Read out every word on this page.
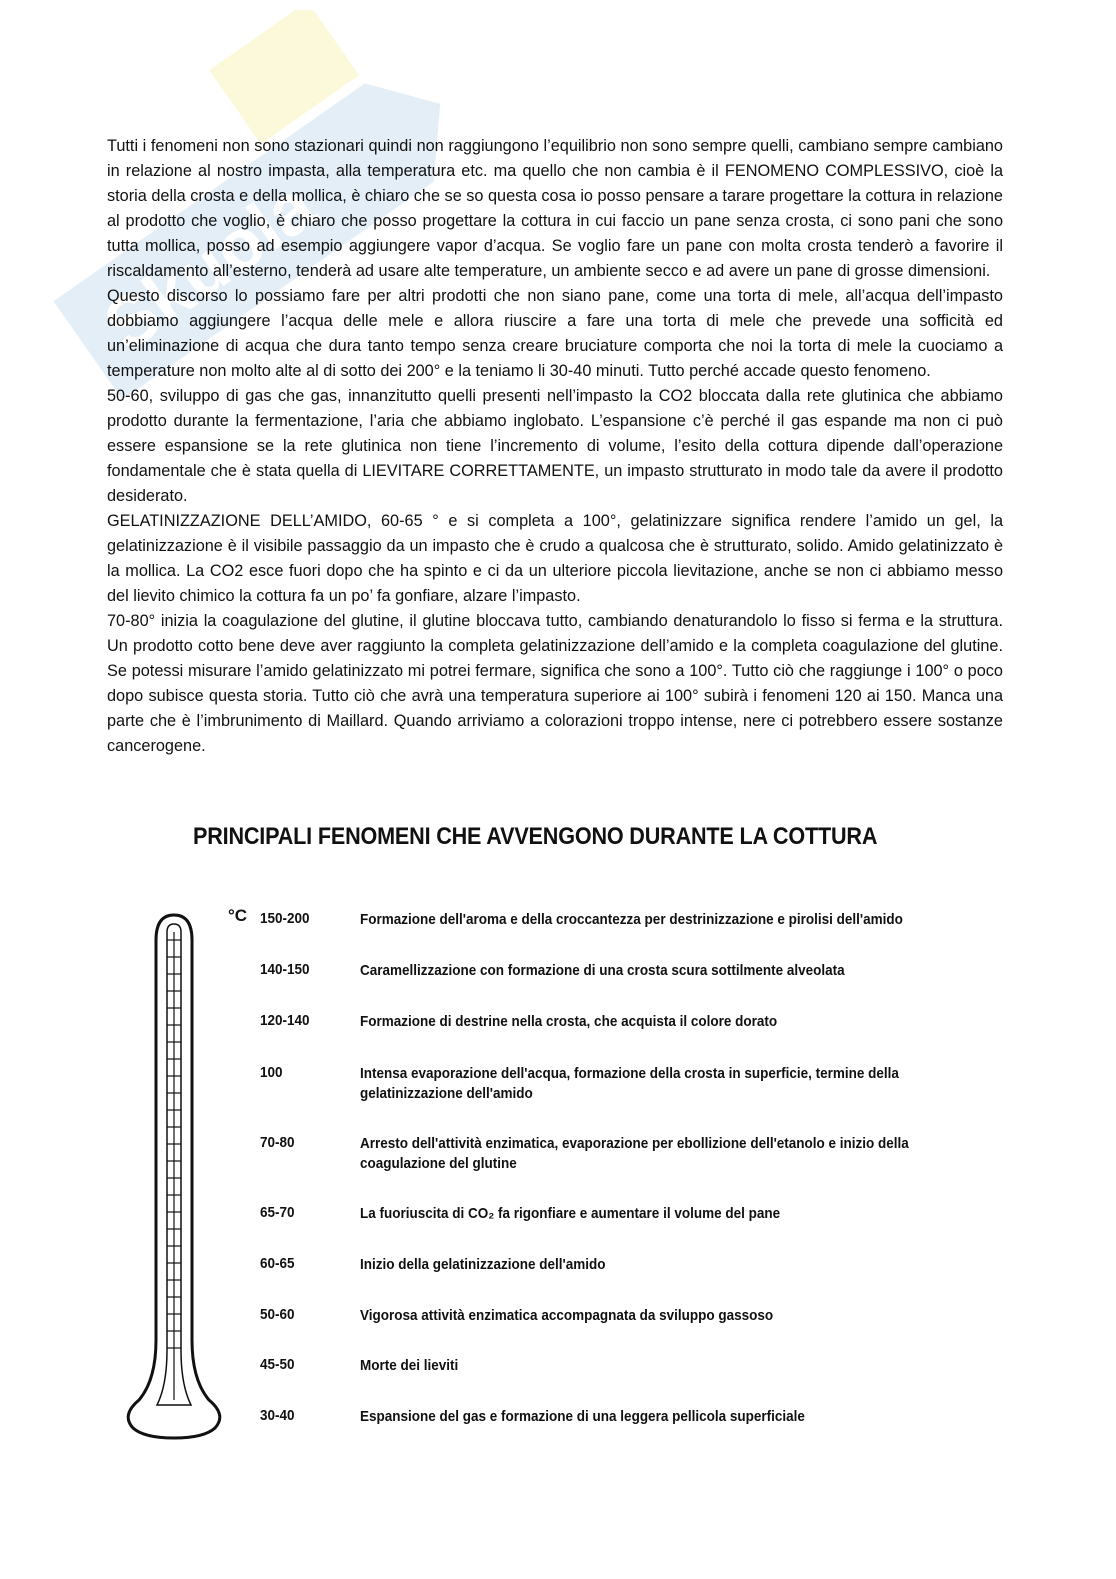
Skuola

Tutti i fenomeni non sono stazionari quindi non raggiungono l’equilibrio non sono sempre quelli, cambiano sempre cambiano in relazione al nostro impasta, alla temperatura etc. ma quello che non cambia è il FENOMENO COMPLESSIVO, cioè la storia della crosta e della mollica, è chiaro che se so questa cosa io posso pensare a tarare progettare la cottura in relazione al prodotto che voglio, è chiaro che posso progettare la cottura in cui faccio un pane senza crosta, ci sono pani che sono tutta mollica, posso ad esempio aggiungere vapor d’acqua. Se voglio fare un pane con molta crosta tenderò a favorire il riscaldamento all’esterno, tenderà ad usare alte temperature, un ambiente secco e ad avere un pane di grosse dimensioni.

Questo discorso lo possiamo fare per altri prodotti che non siano pane, come una torta di mele, all’acqua dell’impasto dobbiamo aggiungere l’acqua delle mele e allora riuscire a fare una torta di mele che prevede una sofficità ed un’eliminazione di acqua che dura tanto tempo senza creare bruciature comporta che noi la torta di mele la cuociamo a temperature non molto alte al di sotto dei 200° e la teniamo li 30-40 minuti. Tutto perché accade questo fenomeno.

50-60, sviluppo di gas che gas, innanzitutto quelli presenti nell’impasto la CO2 bloccata dalla rete glutinica che abbiamo prodotto durante la fermentazione, l’aria che abbiamo inglobato. L’espansione c’è perché il gas espande ma non ci può essere espansione se la rete glutinica non tiene l’incremento di volume, l’esito della cottura dipende dall’operazione fondamentale che è stata quella di LIEVITARE CORRETTAMENTE, un impasto strutturato in modo tale da avere il prodotto desiderato.

GELATINIZZAZIONE DELL’AMIDO, 60-65 ° e si completa a 100°, gelatinizzare significa rendere l’amido un gel, la gelatinizzazione è il visibile passaggio da un impasto che è crudo a qualcosa che è strutturato, solido. Amido gelatinizzato è la mollica. La CO2 esce fuori dopo che ha spinto e ci da un ulteriore piccola lievitazione, anche se non ci abbiamo messo del lievito chimico la cottura fa un po’ fa gonfiare, alzare l’impasto.

70-80° inizia la coagulazione del glutine, il glutine bloccava tutto, cambiando denaturandolo lo fisso si ferma e la struttura. Un prodotto cotto bene deve aver raggiunto la completa gelatinizzazione dell’amido e la completa coagulazione del glutine. Se potessi misurare l’amido gelatinizzato mi potrei fermare, significa che sono a 100°. Tutto ciò che raggiunge i 100° o poco dopo subisce questa storia. Tutto ciò che avrà una temperatura superiore ai 100° subirà i fenomeni 120 ai 150. Manca una parte che è l’imbrunimento di Maillard. Quando arriviamo a colorazioni troppo intense, nere ci potrebbero essere sostanze cancerogene.

PRINCIPALI FENOMENI CHE AVVENGONO DURANTE LA COTTURA
°C 150-200	Formazione dell'aroma e della croccantezza per destrinizzazione e pirolisi dell'amido
140-150	Caramellizzazione con formazione di una crosta scura sottilmente alveolata
120-140	Formazione di destrine nella crosta, che acquista il colore dorato
100	Intensa evaporazione dell'acqua, formazione della crosta in superficie, termine della gelatinizzazione dell'amido
70-80	Arresto dell'attività enzimatica, evaporazione per ebollizione dell'etanolo e inizio della coagulazione del glutine
65-70	La fuoriuscita di CO₂ fa rigonfiare e aumentare il volume del pane
60-65	Inizio della gelatinizzazione dell'amido
50-60	Vigorosa attività enzimatica accompagnata da sviluppo gassoso
45-50	Morte dei lieviti
30-40	Espansione del gas e formazione di una leggera pellicola superficiale
